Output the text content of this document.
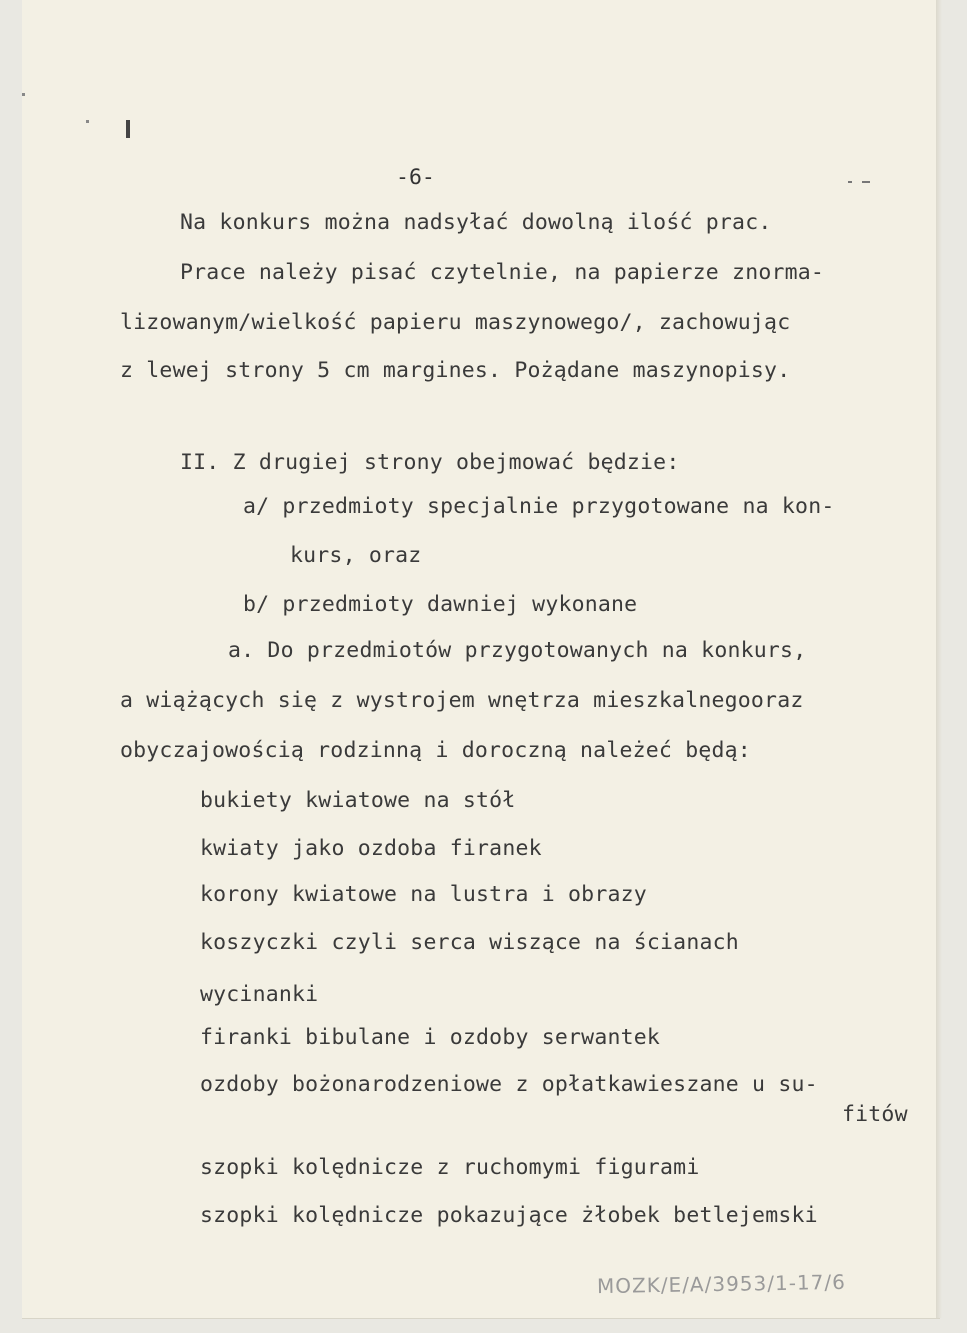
-6-
Na konkurs można nadsyłać dowolną ilość prac.
Prace należy pisać czytelnie, na papierze znorma-
lizowanym/wielkość papieru maszynowego/, zachowując
z lewej strony 5 cm margines. Pożądane maszynopisy.
II. Z drugiej strony obejmować będzie:
a/ przedmioty specjalnie przygotowane na kon-
kurs, oraz
b/ przedmioty dawniej wykonane
a. Do przedmiotów przygotowanych na konkurs,
a wiążących się z wystrojem wnętrza mieszkalnegooraz
obyczajowością rodzinną i doroczną należeć będą:
bukiety kwiatowe na stół
kwiaty jako ozdoba firanek
korony kwiatowe na lustra i obrazy
koszyczki czyli serca wiszące na ścianach
wycinanki
firanki bibulane i ozdoby serwantek
ozdoby bożonarodzeniowe z opłatkawieszane u su-
fitów
szopki kolędnicze z ruchomymi figurami
szopki kolędnicze pokazujące żłobek betlejemski
MOZK/E/A/3953/1-17/6
